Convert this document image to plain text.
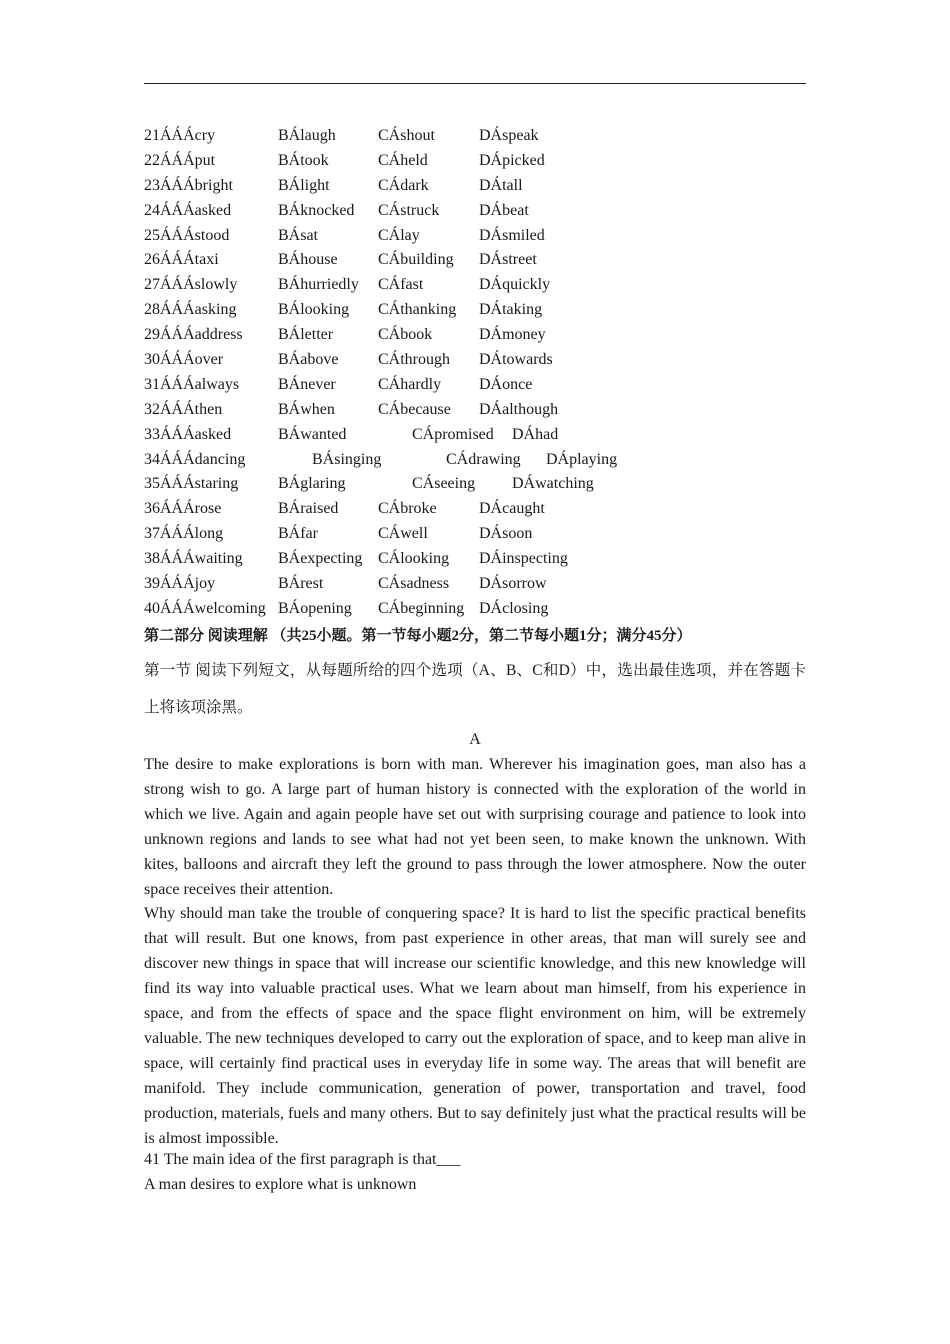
21ÁÁÁcry	BÁlaugh	CÁshout	DÁspeak
22ÁÁÁput	BÁtook	CÁheld	DÁpicked
23ÁÁÁbright	BÁlight	CÁdark	DÁtall
24ÁÁÁasked	BÁknocked CÁstruck DÁbeat
25ÁÁÁstood	BÁsat	CÁlay	DÁsmiled
26ÁÁÁtaxi	BÁhouse	CÁbuilding DÁstreet
27ÁÁÁslowly	BÁhurriedly CÁfast	DÁquickly
28ÁÁÁasking	BÁlooking CÁthanking DÁtaking
29ÁÁÁaddress BÁletter	CÁbook	DÁmoney
30ÁÁÁover	BÁabove CÁthrough DÁtowards
31ÁÁÁalways BÁnever	CÁhardly DÁonce
32ÁÁÁthen	BÁwhen	CÁbecause DÁalthough
33ÁÁÁasked	BÁwanted	CÁpromised DÁhad
34ÁÁÁdancing	BÁsinging	CÁdrawing DÁplaying
35ÁÁÁstaring BÁglaring	CÁseeing DÁwatching
36ÁÁÁrose	BÁraised CÁbroke	DÁcaught
37ÁÁÁlong	BÁfar	CÁwell	DÁsoon
38ÁÁÁwaiting BÁexpecting CÁlooking DÁinspecting
39ÁÁÁjoy	BÁrest	CÁsadness DÁsorrow
40ÁÁÁwelcoming BÁopening CÁbeginning DÁclosing
第二部分 阅读理解 （共25小题。第一节每小题2分，第二节每小题1分；满分45分）
第一节 阅读下列短文，从每题所给的四个选项（A、B、C和D）中，选出最佳选项，并在答题卡上将该项涂黑。
A

The desire to make explorations is born with man. Wherever his imagination goes, man also has a strong wish to go. A large part of human history is connected with the exploration of the world in which we live. Again and again people have set out with surprising courage and patience to look into unknown regions and lands to see what had not yet been seen, to make known the unknown. With kites, balloons and aircraft they left the ground to pass through the lower atmosphere. Now the outer space receives their attention.

Why should man take the trouble of conquering space? It is hard to list the specific practical benefits that will result. But one knows, from past experience in other areas, that man will surely see and discover new things in space that will increase our scientific knowledge, and this new knowledge will find its way into valuable practical uses. What we learn about man himself, from his experience in space, and from the effects of space and the space flight environment on him, will be extremely valuable. The new techniques developed to carry out the exploration of space, and to keep man alive in space, will certainly find practical uses in everyday life in some way. The areas that will benefit are manifold. They include communication, generation of power, transportation and travel, food production, materials, fuels and many others. But to say definitely just what the practical results will be is almost impossible.

41 The main idea of the first paragraph is that___
A man desires to explore what is unknown
